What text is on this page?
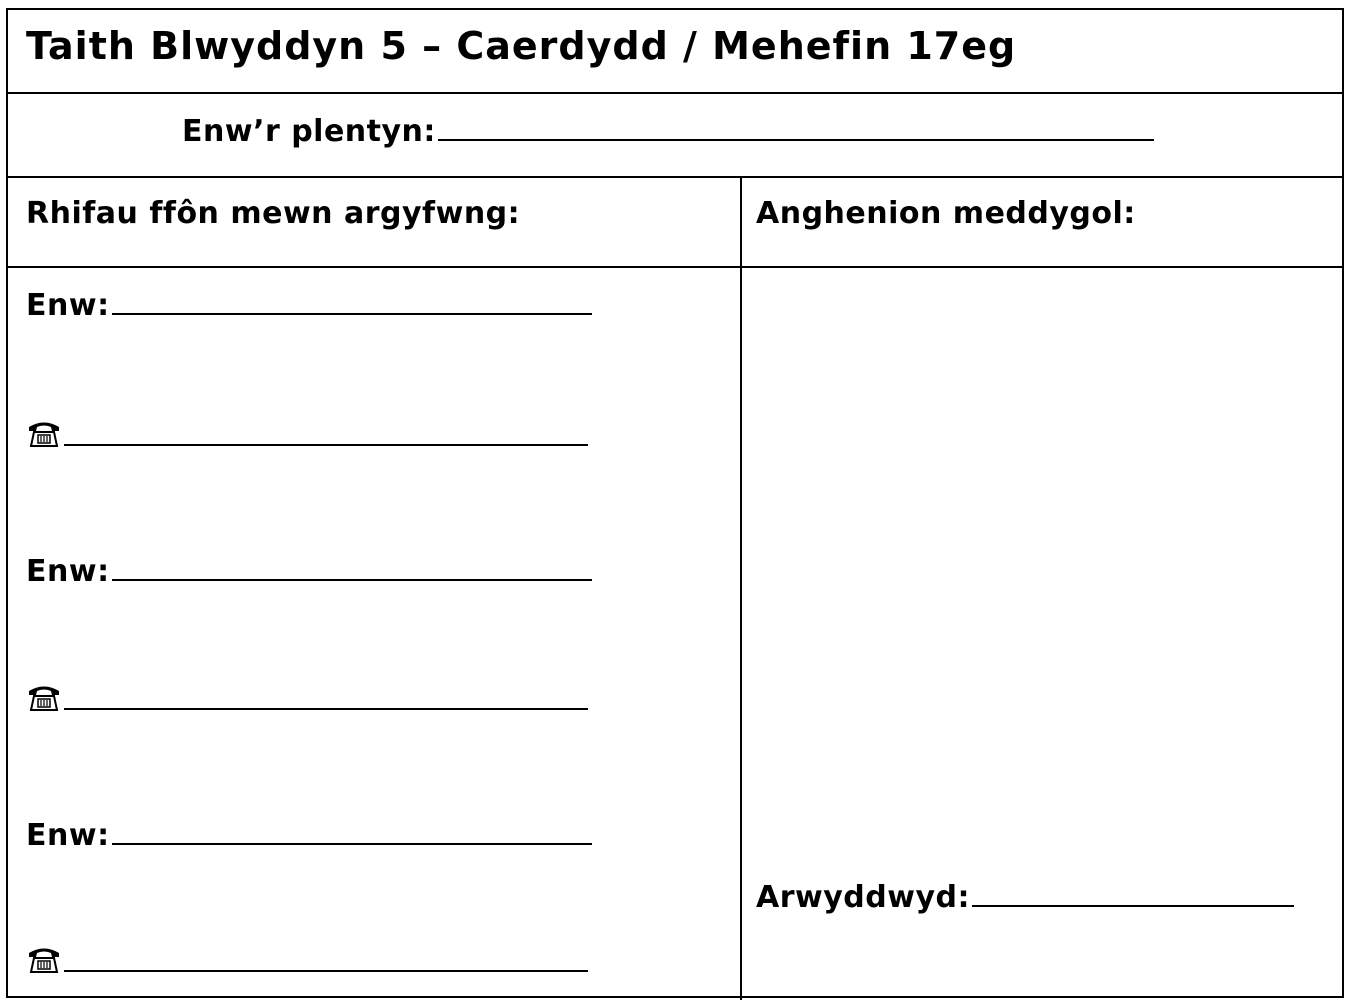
Taith Blwyddyn 5 – Caerdydd / Mehefin 17eg
Enw’r plentyn:
Rhifau ffôn mewn argyfwng:	Anghenion meddygol:
Enw:
Enw:
Enw:
Arwyddwyd:
